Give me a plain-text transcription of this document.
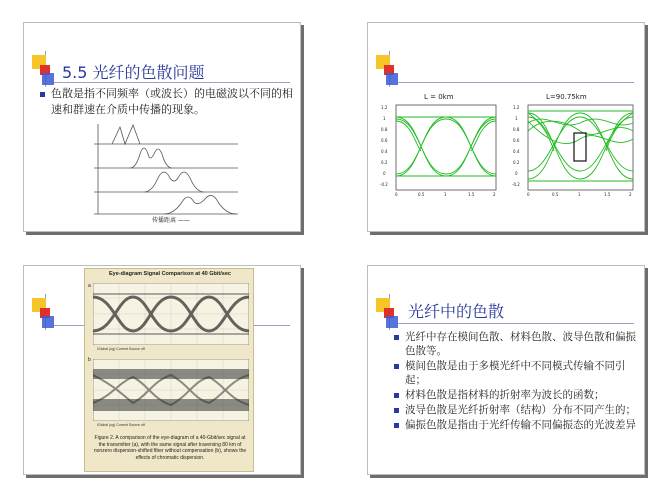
5.5 光纤的色散问题
色散是指不同频率（或波长）的电磁波以不同的相速和群速在介质中传播的现象。
传播距离 ——
L = 0km
1.2
1
0.8
0.6
0.4
0.2
0
-0.2
0	0.5	1	1.5	2
L=90.75km
1.2
1
0.8
0.6
0.4
0.2
0
-0.2
0	0.5	1	1.5	2
Eye-diagram Signal Comparison at 40 Gbit/sec
a
IGlobal (ug) Current Source off
b
IGlobal (ug) Current Source off
Figure 2. A comparison of the eye-diagram of a 40-Gbit/sec signal at the transmitter (a), with the same signal after traversing 80 km of nonzero dispersion-shifted fiber without compensation (b), shows the effects of chromatic dispersion.
光纤中的色散
光纤中存在模间色散、材料色散、波导色散和偏振色散等。
模间色散是由于多模光纤中不同模式传输不同引起；
材料色散是指材料的折射率为波长的函数；
波导色散是光纤折射率（结构）分布不同产生的；
偏振色散是指由于光纤传输不同偏振态的光波差异
